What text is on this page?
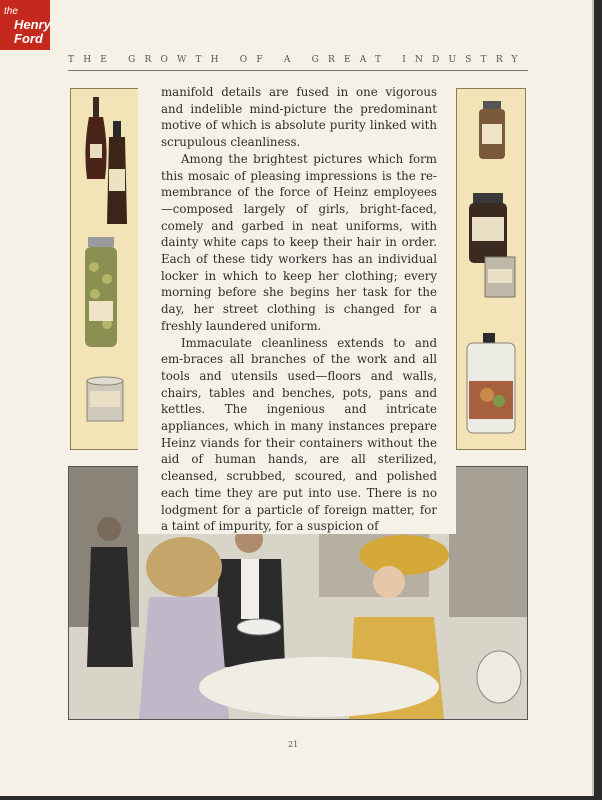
the
Henry
Ford
THE GROWTH OF A GREAT INDUSTRY

manifold details are fused in one vigorous and indelible mind-picture the predominant motive of which is absolute purity linked with scrupulous cleanliness.

Among the brightest pictures which form this mosaic of pleasing impressions is the re-membrance of the force of Heinz employees—composed largely of girls, bright-faced, comely and garbed in neat uniforms, with dainty white caps to keep their hair in order. Each of these tidy workers has an individual locker in which to keep her clothing; every morning before she begins her task for the day, her street clothing is changed for a freshly laundered uniform.

Immaculate cleanliness extends to and em-braces all branches of the work and all tools and utensils used—floors and walls, chairs, tables and benches, pots, pans and kettles. The ingenious and intricate appliances, which in many instances prepare Heinz viands for their containers without the aid of human hands, are all sterilized, cleansed, scrubbed, scoured, and polished each time they are put into use. There is no lodgment for a particle of foreign matter, for a taint of impurity, for a suspicion of

21
